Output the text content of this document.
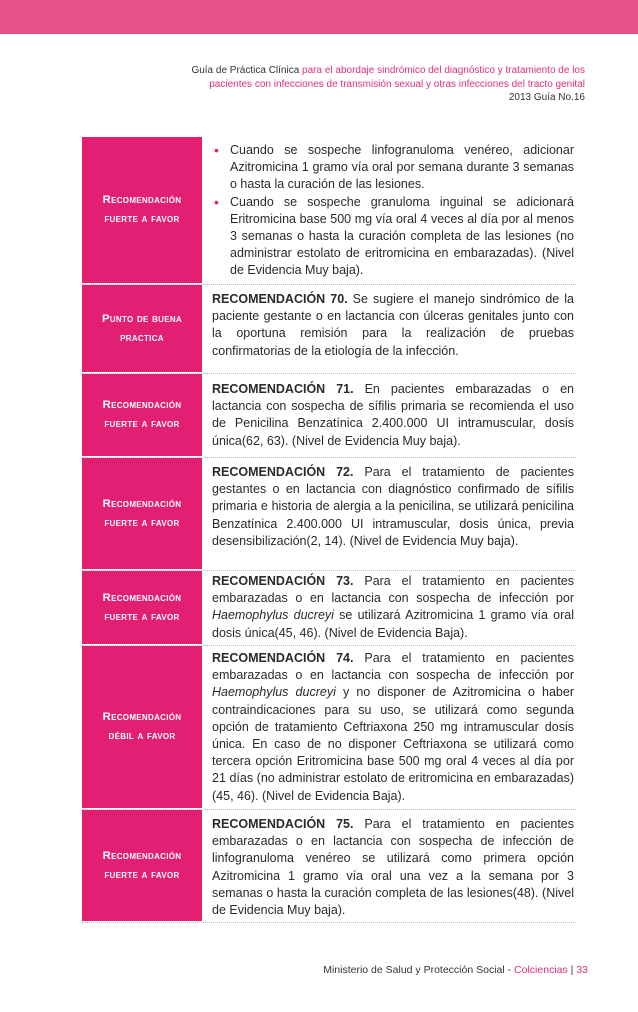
Guía de Práctica Clínica para el abordaje sindrómico del diagnóstico y tratamiento de los
pacientes con infecciones de transmisión sexual y otras infecciones del tracto genital
2013 Guía No.16
Recomendación
fuerte a favor
• Cuando se sospeche linfogranuloma venéreo, adicionar Azitromicina 1 gramo vía oral por semana durante 3 semanas o hasta la curación de las lesiones.
• Cuando se sospeche granuloma inguinal se adicionará Eritromicina base 500 mg vía oral 4 veces al día por al menos 3 semanas o hasta la curación completa de las lesiones (no administrar estolato de eritromicina en embarazadas). (Nivel de Evidencia Muy baja).
Punto de buena
practica
RECOMENDACIÓN 70. Se sugiere el manejo sindrómico de la paciente gestante o en lactancia con úlceras genitales junto con la oportuna remisión para la realización de pruebas confirmatorias de la etiología de la infección.
Recomendación
fuerte a favor
RECOMENDACIÓN 71. En pacientes embarazadas o en lactancia con sospecha de sífilis primaria se recomienda el uso de Penicilina Benzatínica 2.400.000 UI intramuscular, dosis única(62, 63). (Nivel de Evidencia Muy baja).
Recomendación
fuerte a favor
RECOMENDACIÓN 72. Para el tratamiento de pacientes gestantes o en lactancia con diagnóstico confirmado de sífilis primaria e historia de alergia a la penicilina, se utilizará penicilina Benzatínica 2.400.000 UI intramuscular, dosis única, previa desensibilización(2, 14). (Nivel de Evidencia Muy baja).
Recomendación
fuerte a favor
RECOMENDACIÓN 73. Para el tratamiento en pacientes embarazadas o en lactancia con sospecha de infección por Haemophylus ducreyi se utilizará Azitromicina 1 gramo vía oral dosis única(45, 46). (Nivel de Evidencia Baja).
Recomendación
débil a favor
RECOMENDACIÓN 74. Para el tratamiento en pacientes embarazadas o en lactancia con sospecha de infección por Haemophylus ducreyi y no disponer de Azitromicina o haber contraindicaciones para su uso, se utilizará como segunda opción de tratamiento Ceftriaxona 250 mg intramuscular dosis única. En caso de no disponer Ceftriaxona se utilizará como tercera opción Eritromicina base 500 mg oral 4 veces al día por 21 días (no administrar estolato de eritromicina en embarazadas) (45, 46). (Nivel de Evidencia Baja).
Recomendación
fuerte a favor
RECOMENDACIÓN 75. Para el tratamiento en pacientes embarazadas o en lactancia con sospecha de infección de linfogranuloma venéreo se utilizará como primera opción Azitromicina 1 gramo vía oral una vez a la semana por 3 semanas o hasta la curación completa de las lesiones(48). (Nivel de Evidencia Muy baja).
Ministerio de Salud y Protección Social - Colciencias | 33
